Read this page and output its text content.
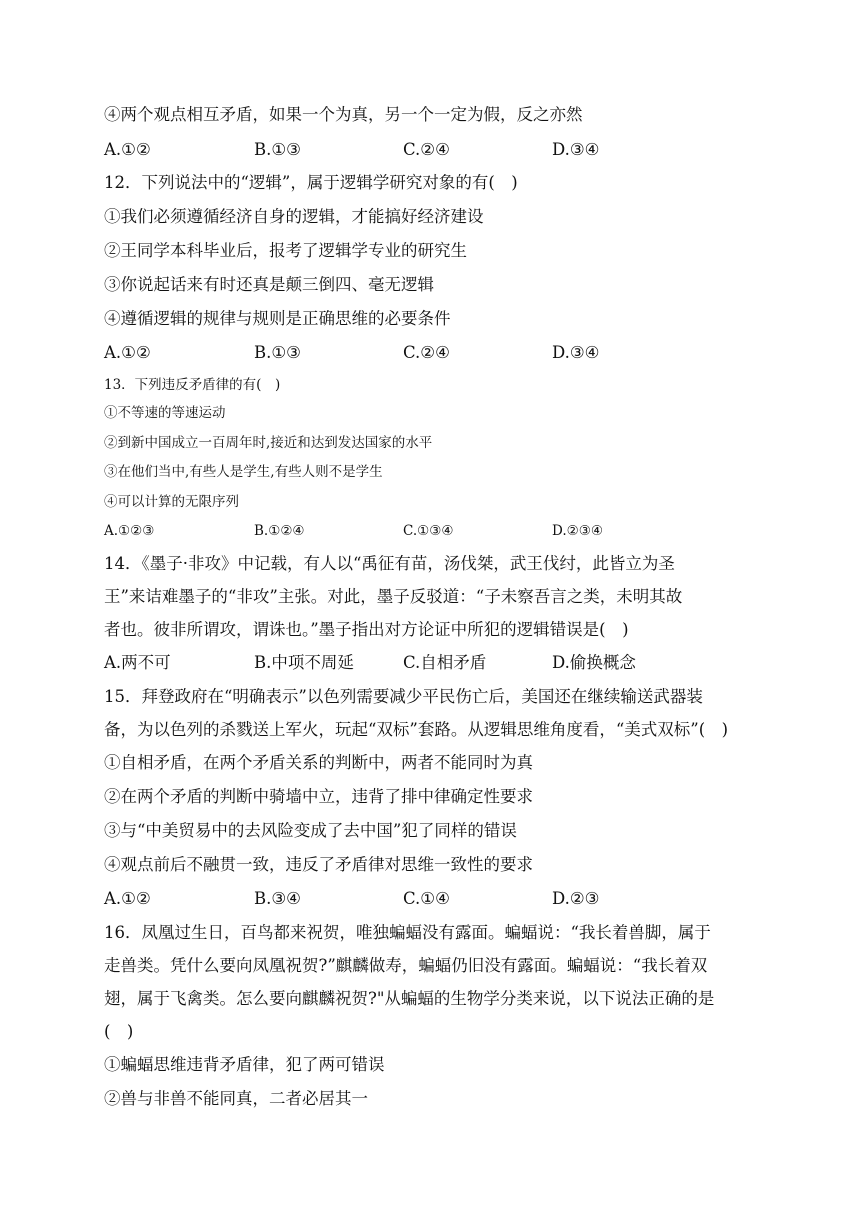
④两个观点相互矛盾，如果一个为真，另一个一定为假，反之亦然
A.①②	B.①③	C.②④	D.③④
12．下列说法中的“逻辑”，属于逻辑学研究对象的有(　)
①我们必须遵循经济自身的逻辑，才能搞好经济建设
②王同学本科毕业后，报考了逻辑学专业的研究生
③你说起话来有时还真是颠三倒四、毫无逻辑
④遵循逻辑的规律与规则是正确思维的必要条件
A.①②	B.①③	C.②④	D.③④
13．下列违反矛盾律的有(　)
①不等速的等速运动
②到新中国成立一百周年时,接近和达到发达国家的水平
③在他们当中,有些人是学生,有些人则不是学生
④可以计算的无限序列
A.①②③	B.①②④	C.①③④	D.②③④
14．《墨子·非攻》中记载，有人以“禹征有苗，汤伐桀，武王伐纣，此皆立为圣
王”来诘难墨子的“非攻”主张。对此，墨子反驳道：“子未察吾言之类，未明其故
者也。彼非所谓攻，谓诛也。”墨子指出对方论证中所犯的逻辑错误是(　)
A.两不可	B.中项不周延	C.自相矛盾	D.偷换概念
15．拜登政府在“明确表示”以色列需要减少平民伤亡后，美国还在继续输送武器装
备，为以色列的杀戮送上军火，玩起“双标”套路。从逻辑思维角度看，“美式双标”(　)
①自相矛盾，在两个矛盾关系的判断中，两者不能同时为真
②在两个矛盾的判断中骑墙中立，违背了排中律确定性要求
③与“中美贸易中的去风险变成了去中国”犯了同样的错误
④观点前后不融贯一致，违反了矛盾律对思维一致性的要求
A.①②	B.③④	C.①④	D.②③
16．凤凰过生日，百鸟都来祝贺，唯独蝙蝠没有露面。蝙蝠说：“我长着兽脚，属于
走兽类。凭什么要向凤凰祝贺?”麒麟做寿，蝙蝠仍旧没有露面。蝙蝠说：“我长着双
翅，属于飞禽类。怎么要向麒麟祝贺?"从蝙蝠的生物学分类来说，以下说法正确的是
(　)
①蝙蝠思维违背矛盾律，犯了两可错误
②兽与非兽不能同真，二者必居其一
